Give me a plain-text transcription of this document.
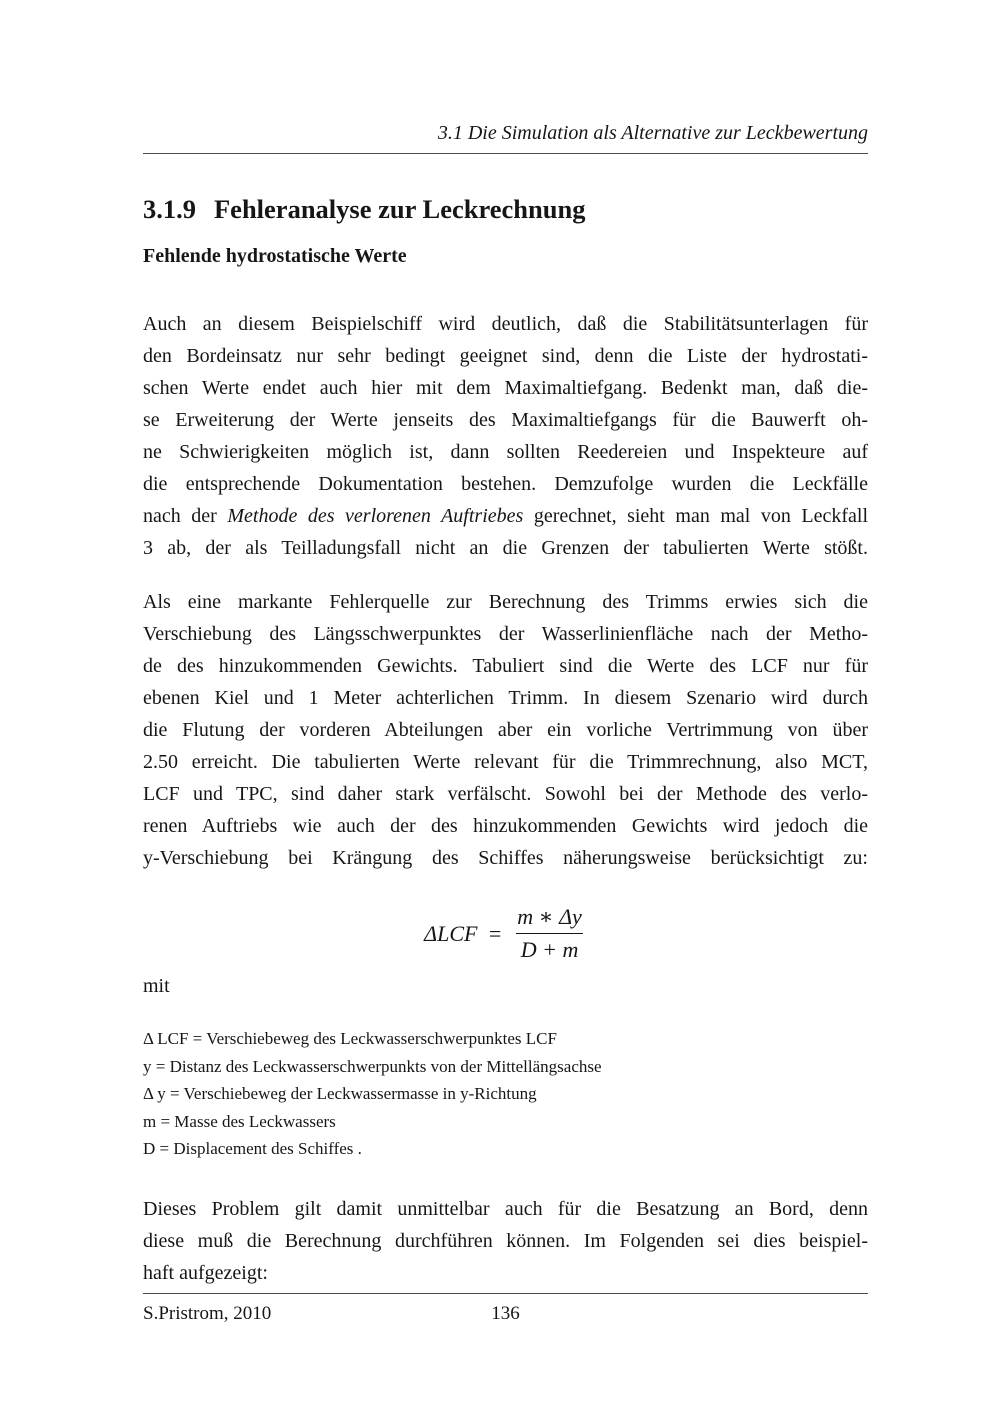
3.1 Die Simulation als Alternative zur Leckbewertung
3.1.9 Fehleranalyse zur Leckrechnung
Fehlende hydrostatische Werte
Auch an diesem Beispielschiff wird deutlich, daß die Stabilitätsunterlagen für
den Bordeinsatz nur sehr bedingt geeignet sind, denn die Liste der hydrostati-
schen Werte endet auch hier mit dem Maximaltiefgang. Bedenkt man, daß die-
se Erweiterung der Werte jenseits des Maximaltiefgangs für die Bauwerft oh-
ne Schwierigkeiten möglich ist, dann sollten Reedereien und Inspekteure auf
die entsprechende Dokumentation bestehen. Demzufolge wurden die Leckfälle
nach der Methode des verlorenen Auftriebes gerechnet, sieht man mal von Leckfall
3 ab, der als Teilladungsfall nicht an die Grenzen der tabulierten Werte stößt.
Als eine markante Fehlerquelle zur Berechnung des Trimms erwies sich die
Verschiebung des Längsschwerpunktes der Wasserlinienfläche nach der Metho-
de des hinzukommenden Gewichts. Tabuliert sind die Werte des LCF nur für
ebenen Kiel und 1 Meter achterlichen Trimm. In diesem Szenario wird durch
die Flutung der vorderen Abteilungen aber ein vorliche Vertrimmung von über
2.50 erreicht. Die tabulierten Werte relevant für die Trimmrechnung, also MCT,
LCF und TPC, sind daher stark verfälscht. Sowohl bei der Methode des verlo-
renen Auftriebs wie auch der des hinzukommenden Gewichts wird jedoch die
y-Verschiebung bei Krängung des Schiffes näherungsweise berücksichtigt zu:
$\Delta LCF = \frac{m ∗ \Delta y}{D + m}$
mit
Δ LCF = Verschiebeweg des Leckwasserschwerpunktes LCF
y = Distanz des Leckwasserschwerpunkts von der Mittellängsachse
Δ y = Verschiebeweg der Leckwassermasse in y-Richtung
m = Masse des Leckwassers
D = Displacement des Schiffes .
Dieses Problem gilt damit unmittelbar auch für die Besatzung an Bord, denn
diese muß die Berechnung durchführen können. Im Folgenden sei dies beispiel-
haft aufgezeigt:
S.Pristrom, 2010	136
